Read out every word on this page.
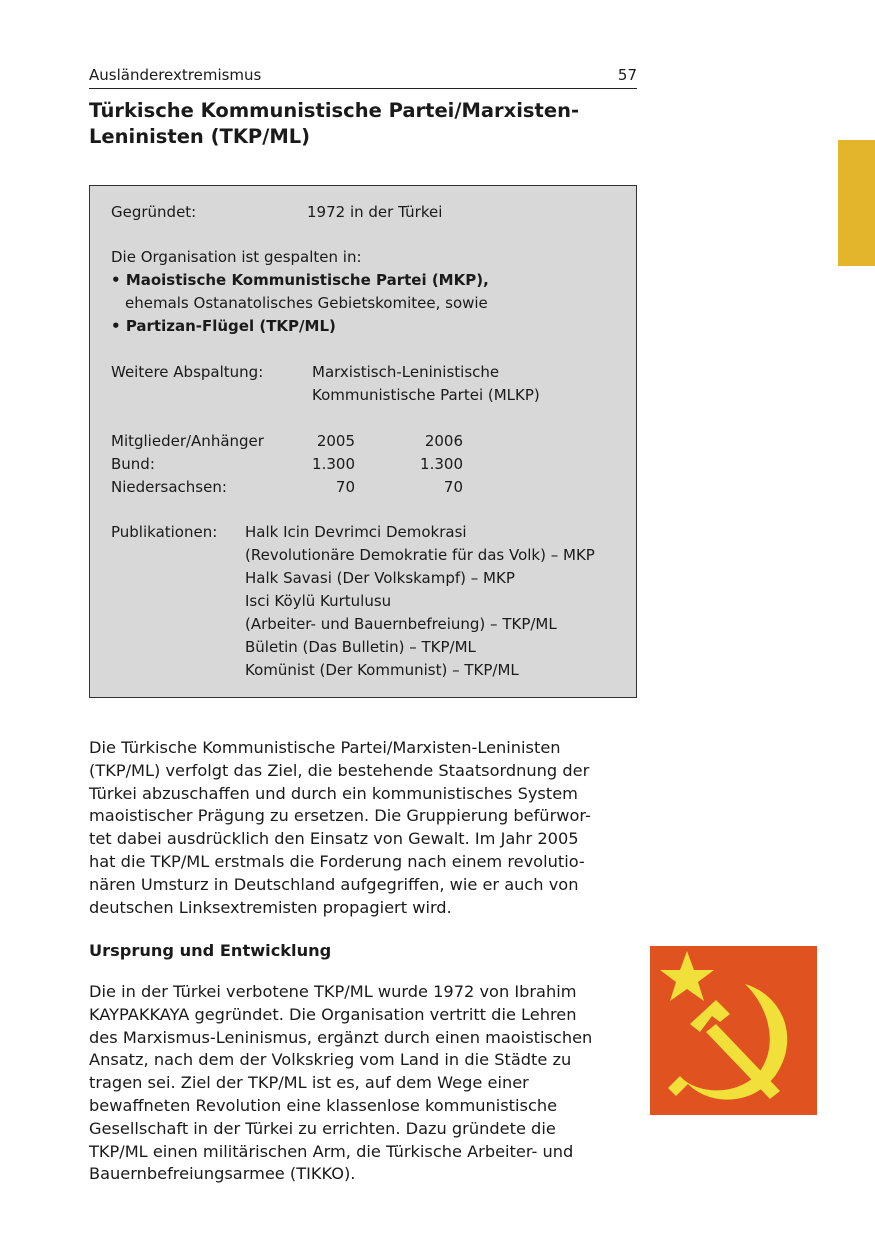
Ausländerextremismus	57
Türkische Kommunistische Partei/Marxisten-
Leninisten (TKP/ML)
Gegründet:	1972 in der Türkei
Die Organisation ist gespalten in:
• Maoistische Kommunistische Partei (MKP),
ehemals Ostanatolisches Gebietskomitee, sowie
• Partizan-Flügel (TKP/ML)
Weitere Abspaltung:	Marxistisch-Leninistische
Kommunistische Partei (MLKP)
Mitglieder/Anhänger	2005	2006
Bund:	1.300	1.300
Niedersachsen:	70	70
Publikationen: Halk Icin Devrimci Demokrasi
(Revolutionäre Demokratie für das Volk) – MKP
Halk Savasi (Der Volkskampf) – MKP
Isci Köylü Kurtulusu
(Arbeiter- und Bauernbefreiung) – TKP/ML
Bületin (Das Bulletin) – TKP/ML
Komünist (Der Kommunist) – TKP/ML

Die Türkische Kommunistische Partei/Marxisten-Leninisten
(TKP/ML) verfolgt das Ziel, die bestehende Staatsordnung der
Türkei abzuschaffen und durch ein kommunistisches System
maoistischer Prägung zu ersetzen. Die Gruppierung befürwor-
tet dabei ausdrücklich den Einsatz von Gewalt. Im Jahr 2005
hat die TKP/ML erstmals die Forderung nach einem revolutio-
nären Umsturz in Deutschland aufgegriffen, wie er auch von
deutschen Linksextremisten propagiert wird.

Ursprung und Entwicklung

Die in der Türkei verbotene TKP/ML wurde 1972 von Ibrahim
KAYPAKKAYA gegründet. Die Organisation vertritt die Lehren
des Marxismus-Leninismus, ergänzt durch einen maoistischen
Ansatz, nach dem der Volkskrieg vom Land in die Städte zu
tragen sei. Ziel der TKP/ML ist es, auf dem Wege einer
bewaffneten Revolution eine klassenlose kommunistische
Gesellschaft in der Türkei zu errichten. Dazu gründete die
TKP/ML einen militärischen Arm, die Türkische Arbeiter- und
Bauernbefreiungsarmee (TIKKO).
